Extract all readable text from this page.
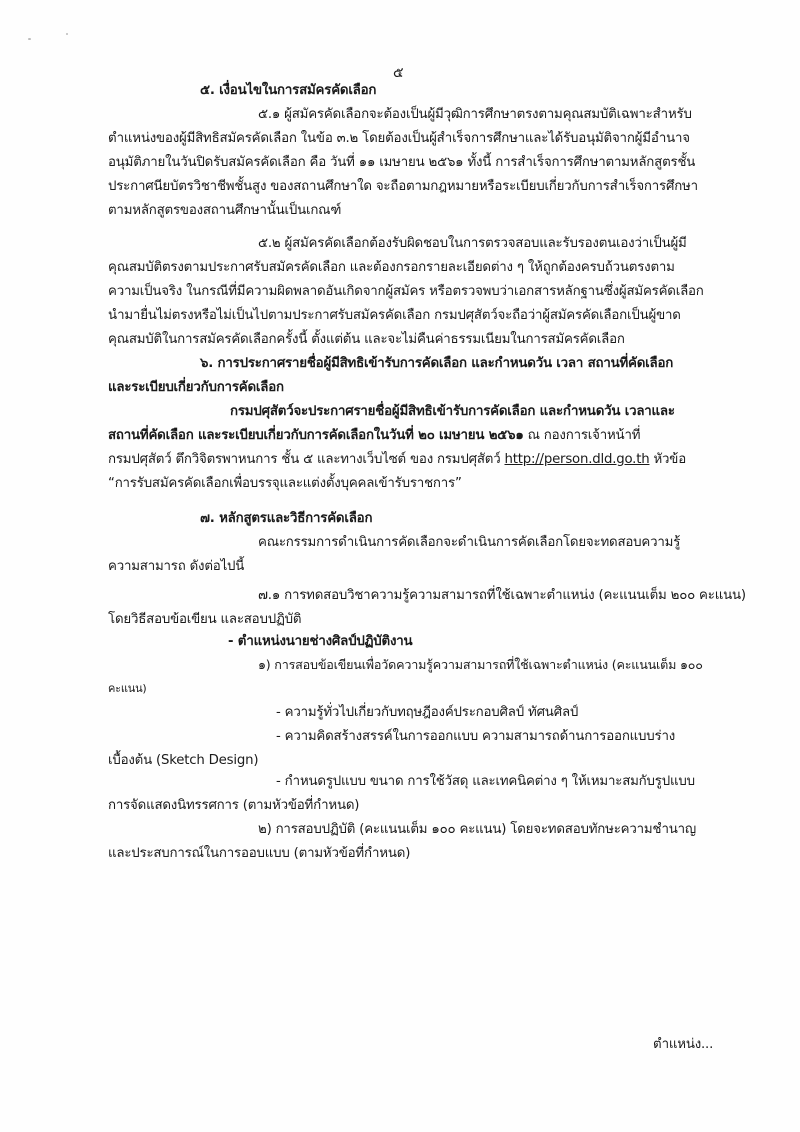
๕
๕. เงื่อนไขในการสมัครคัดเลือก
๕.๑ ผู้สมัครคัดเลือกจะต้องเป็นผู้มีวุฒิการศึกษาตรงตามคุณสมบัติเฉพาะสำหรับ
ตำแหน่งของผู้มีสิทธิสมัครคัดเลือก ในข้อ ๓.๒ โดยต้องเป็นผู้สำเร็จการศึกษาและได้รับอนุมัติจากผู้มีอำนาจ
อนุมัติภายในวันปิดรับสมัครคัดเลือก คือ วันที่ ๑๑ เมษายน ๒๕๖๑ ทั้งนี้ การสำเร็จการศึกษาตามหลักสูตรชั้น
ประกาศนียบัตรวิชาชีพชั้นสูง ของสถานศึกษาใด จะถือตามกฎหมายหรือระเบียบเกี่ยวกับการสำเร็จการศึกษา
ตามหลักสูตรของสถานศึกษานั้นเป็นเกณฑ์
๕.๒ ผู้สมัครคัดเลือกต้องรับผิดชอบในการตรวจสอบและรับรองตนเองว่าเป็นผู้มี
คุณสมบัติตรงตามประกาศรับสมัครคัดเลือก และต้องกรอกรายละเอียดต่าง ๆ ให้ถูกต้องครบถ้วนตรงตาม
ความเป็นจริง ในกรณีที่มีความผิดพลาดอันเกิดจากผู้สมัคร หรือตรวจพบว่าเอกสารหลักฐานซึ่งผู้สมัครคัดเลือก
นำมายื่นไม่ตรงหรือไม่เป็นไปตามประกาศรับสมัครคัดเลือก กรมปศุสัตว์จะถือว่าผู้สมัครคัดเลือกเป็นผู้ขาด
คุณสมบัติในการสมัครคัดเลือกครั้งนี้ ตั้งแต่ต้น และจะไม่คืนค่าธรรมเนียมในการสมัครคัดเลือก
๖. การประกาศรายชื่อผู้มีสิทธิเข้ารับการคัดเลือก และกำหนดวัน เวลา สถานที่คัดเลือก
และระเบียบเกี่ยวกับการคัดเลือก
กรมปศุสัตว์จะประกาศรายชื่อผู้มีสิทธิเข้ารับการคัดเลือก และกำหนดวัน เวลาและ
สถานที่คัดเลือก และระเบียบเกี่ยวกับการคัดเลือกในวันที่ ๒๐ เมษายน ๒๕๖๑ ณ กองการเจ้าหน้าที่
กรมปศุสัตว์ ตึกวิจิตรพาหนการ ชั้น ๕ และทางเว็บไซต์ ของ กรมปศุสัตว์ http://person.dld.go.th หัวข้อ
“การรับสมัครคัดเลือกเพื่อบรรจุและแต่งตั้งบุคคลเข้ารับราชการ”
๗. หลักสูตรและวิธีการคัดเลือก
คณะกรรมการดำเนินการคัดเลือกจะดำเนินการคัดเลือกโดยจะทดสอบความรู้
ความสามารถ ดังต่อไปนี้
๗.๑ การทดสอบวิชาความรู้ความสามารถที่ใช้เฉพาะตำแหน่ง (คะแนนเต็ม ๒๐๐ คะแนน)
โดยวิธีสอบข้อเขียน และสอบปฏิบัติ
- ตำแหน่งนายช่างศิลป์ปฏิบัติงาน
๑) การสอบข้อเขียนเพื่อวัดความรู้ความสามารถที่ใช้เฉพาะตำแหน่ง (คะแนนเต็ม ๑๐๐
คะแนน)
- ความรู้ทั่วไปเกี่ยวกับทฤษฎีองค์ประกอบศิลป์ ทัศนศิลป์
- ความคิดสร้างสรรค์ในการออกแบบ ความสามารถด้านการออกแบบร่าง
เบื้องต้น (Sketch Design)
- กำหนดรูปแบบ ขนาด การใช้วัสดุ และเทคนิคต่าง ๆ ให้เหมาะสมกับรูปแบบ
การจัดแสดงนิทรรศการ (ตามหัวข้อที่กำหนด)
๒) การสอบปฏิบัติ (คะแนนเต็ม ๑๐๐ คะแนน) โดยจะทดสอบทักษะความชำนาญ
และประสบการณ์ในการออบแบบ (ตามหัวข้อที่กำหนด)
ตำแหน่ง...
